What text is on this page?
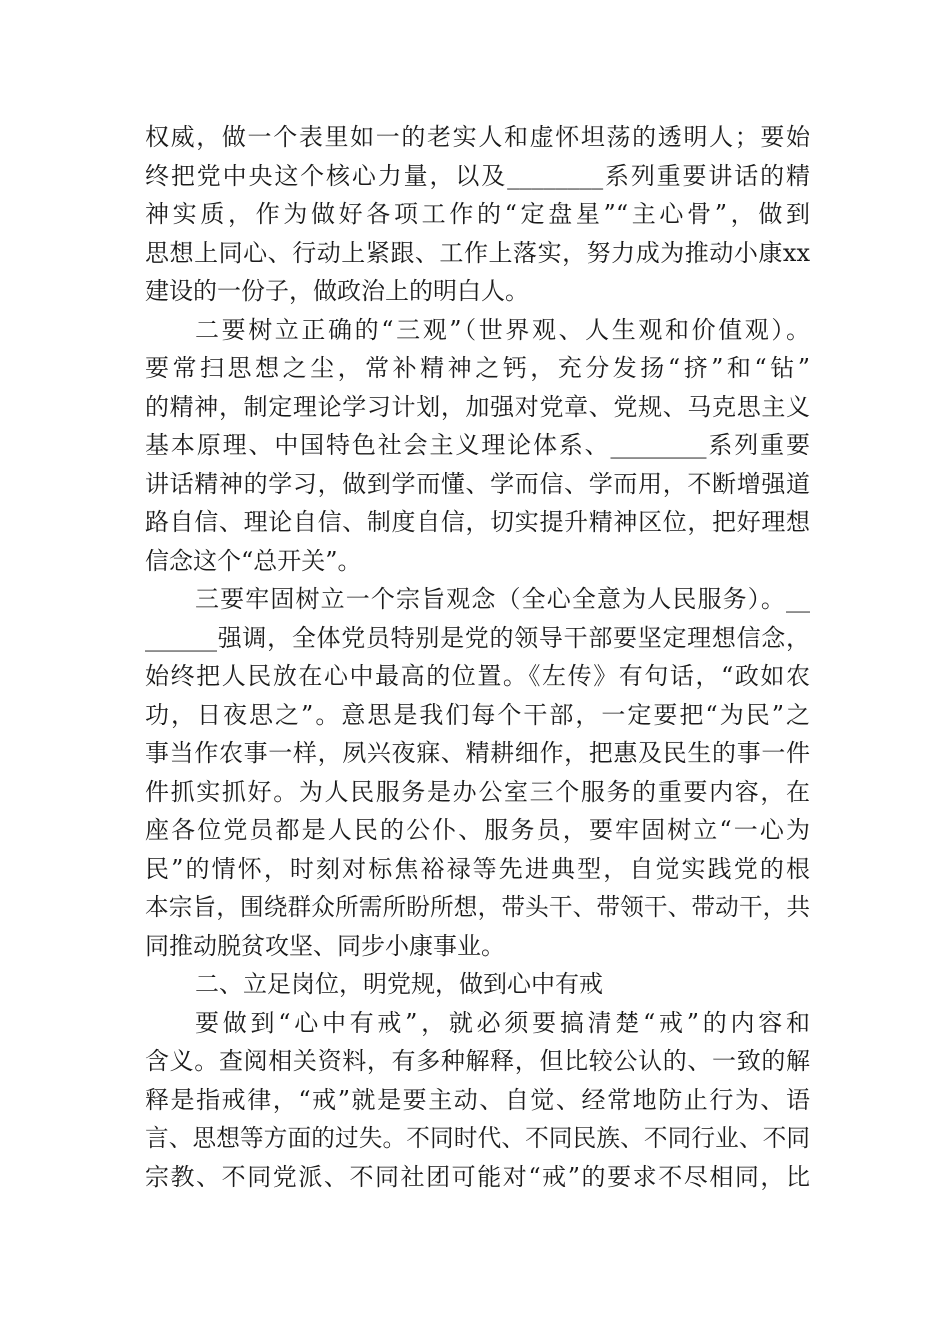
权威，做一个表里如一的老实人和虚怀坦荡的透明人；要始
终把党中央这个核心力量，以及________系列重要讲话的精
神实质，作为做好各项工作的“定盘星”“主心骨”，做到
思想上同心、行动上紧跟、工作上落实，努力成为推动小康xx
建设的一份子，做政治上的明白人。
二要树立正确的“三观”（世界观、人生观和价值观）。
要常扫思想之尘，常补精神之钙，充分发扬“挤”和“钻”
的精神，制定理论学习计划，加强对党章、党规、马克思主义
基本原理、中国特色社会主义理论体系、________系列重要
讲话精神的学习，做到学而懂、学而信、学而用，不断增强道
路自信、理论自信、制度自信，切实提升精神区位，把好理想
信念这个“总开关”。
三要牢固树立一个宗旨观念（全心全意为人民服务）。__
______强调，全体党员特别是党的领导干部要坚定理想信念，
始终把人民放在心中最高的位置。《左传》有句话，“政如农
功，日夜思之”。意思是我们每个干部，一定要把“为民”之
事当作农事一样，夙兴夜寐、精耕细作，把惠及民生的事一件
件抓实抓好。为人民服务是办公室三个服务的重要内容，在
座各位党员都是人民的公仆、服务员，要牢固树立“一心为
民”的情怀，时刻对标焦裕禄等先进典型，自觉实践党的根
本宗旨，围绕群众所需所盼所想，带头干、带领干、带动干，共
同推动脱贫攻坚、同步小康事业。
二、立足岗位，明党规，做到心中有戒
要做到“心中有戒”，就必须要搞清楚“戒”的内容和
含义。查阅相关资料，有多种解释，但比较公认的、一致的解
释是指戒律，“戒”就是要主动、自觉、经常地防止行为、语
言、思想等方面的过失。不同时代、不同民族、不同行业、不同
宗教、不同党派、不同社团可能对“戒”的要求不尽相同，比
